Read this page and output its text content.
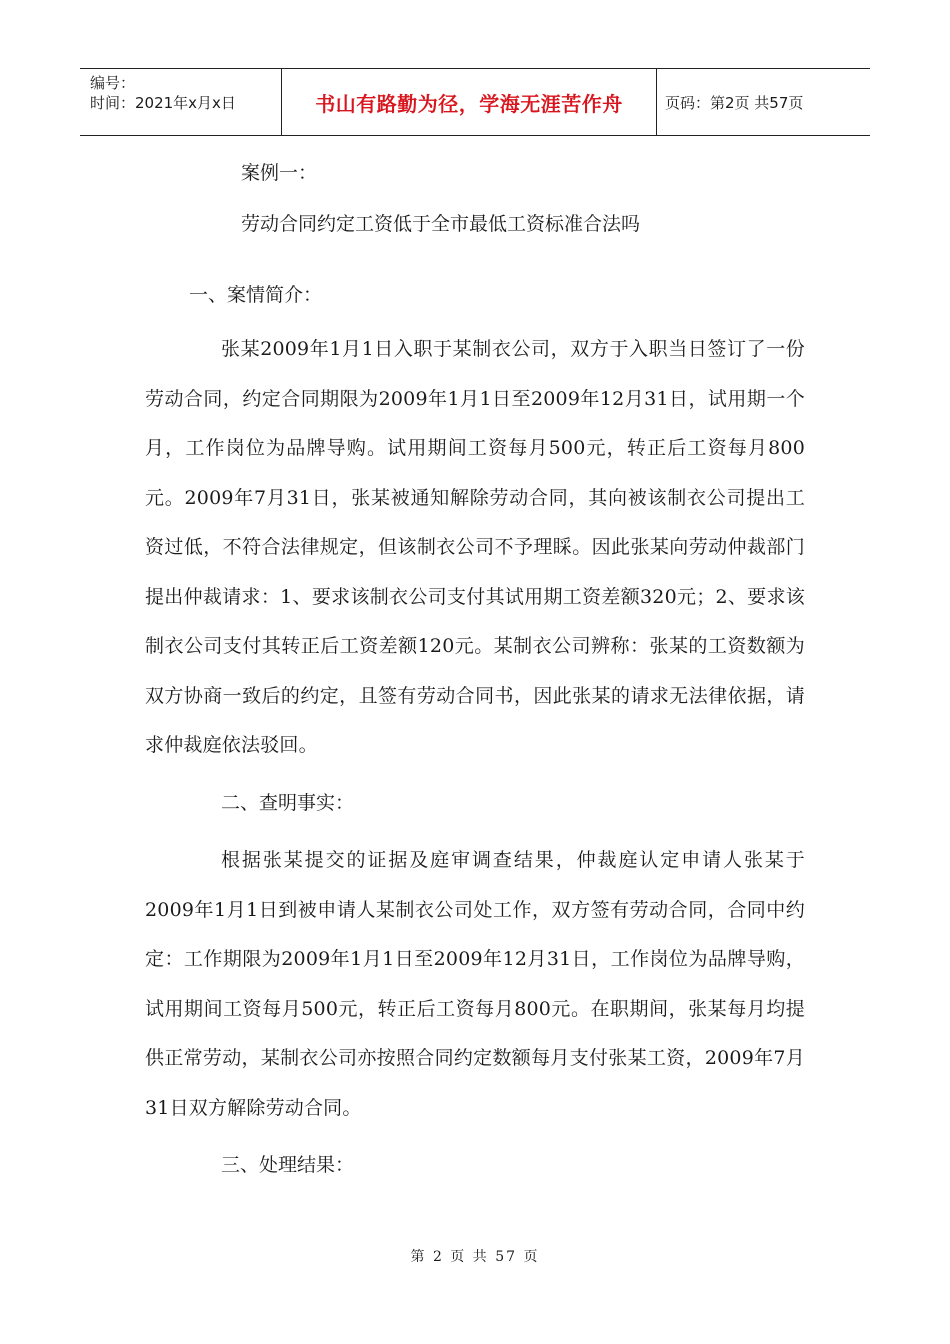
编号：
时间：2021年x月x日	书山有路勤为径，学海无涯苦作舟	页码：第2页 共57页
案例一：
劳动合同约定工资低于全市最低工资标准合法吗
一、案情简介：

张某2009年1月1日入职于某制衣公司，双方于入职当日签订了一份劳动合同，约定合同期限为2009年1月1日至2009年12月31日，试用期一个月，工作岗位为品牌导购。试用期间工资每月500元，转正后工资每月800元。2009年7月31日，张某被通知解除劳动合同，其向被该制衣公司提出工资过低，不符合法律规定，但该制衣公司不予理睬。因此张某向劳动仲裁部门提出仲裁请求：1、要求该制衣公司支付其试用期工资差额320元；2、要求该制衣公司支付其转正后工资差额120元。某制衣公司辨称：张某的工资数额为双方协商一致后的约定，且签有劳动合同书，因此张某的请求无法律依据，请求仲裁庭依法驳回。

二、查明事实：

根据张某提交的证据及庭审调查结果，仲裁庭认定申请人张某于2009年1月1日到被申请人某制衣公司处工作，双方签有劳动合同，合同中约定：工作期限为2009年1月1日至2009年12月31日，工作岗位为品牌导购，试用期间工资每月500元，转正后工资每月800元。在职期间，张某每月均提供正常劳动，某制衣公司亦按照合同约定数额每月支付张某工资，2009年7月31日双方解除劳动合同。

三、处理结果：

第 2 页 共 57 页
